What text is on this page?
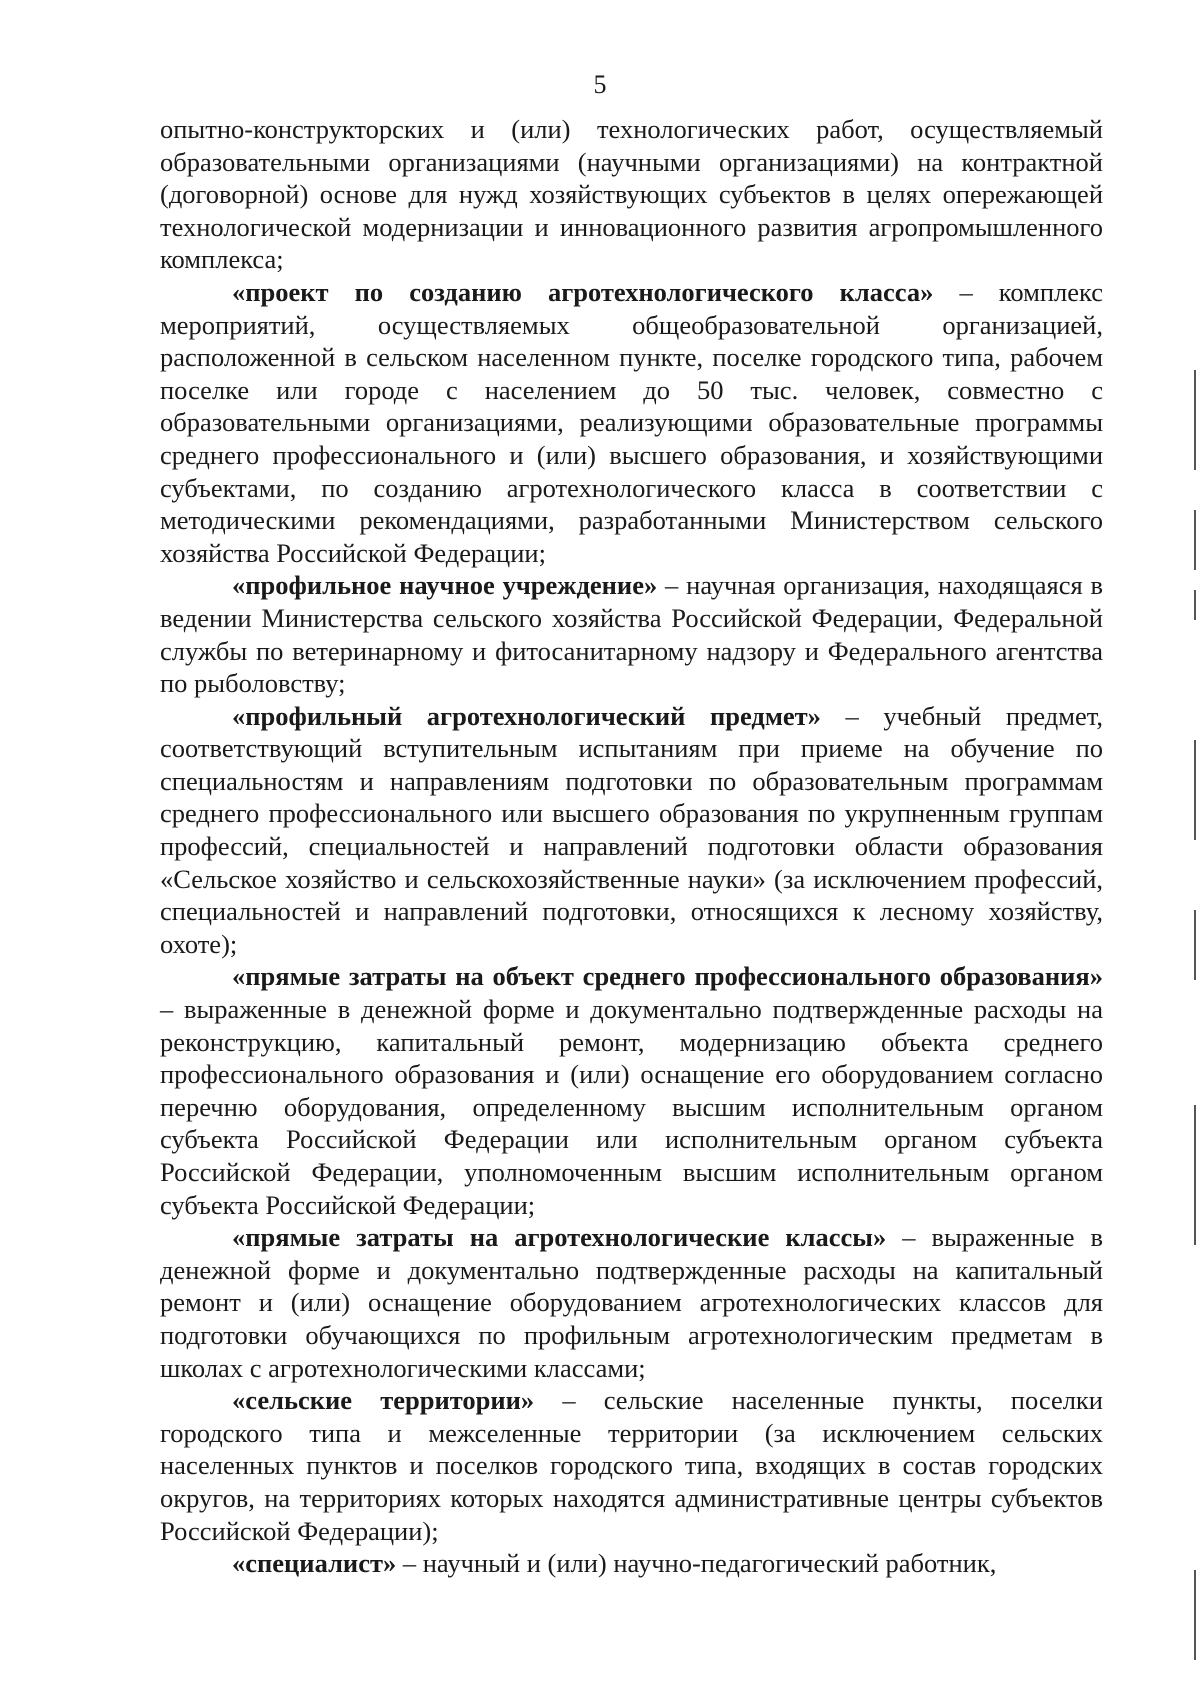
5

опытно-конструкторских и (или) технологических работ, осуществляемый образовательными организациями (научными организациями) на контрактной (договорной) основе для нужд хозяйствующих субъектов в целях опережающей технологической модернизации и инновационного развития агропромышленного комплекса;

«проект по созданию агротехнологического класса» – комплекс мероприятий, осуществляемых общеобразовательной организацией, расположенной в сельском населенном пункте, поселке городского типа, рабочем поселке или городе с населением до 50 тыс. человек, совместно с образовательными организациями, реализующими образовательные программы среднего профессионального и (или) высшего образования, и хозяйствующими субъектами, по созданию агротехнологического класса в соответствии с методическими рекомендациями, разработанными Министерством сельского хозяйства Российской Федерации;

«профильное научное учреждение» – научная организация, находящаяся в ведении Министерства сельского хозяйства Российской Федерации, Федеральной службы по ветеринарному и фитосанитарному надзору и Федерального агентства по рыболовству;

«профильный агротехнологический предмет» – учебный предмет, соответствующий вступительным испытаниям при приеме на обучение по специальностям и направлениям подготовки по образовательным программам среднего профессионального или высшего образования по укрупненным группам профессий, специальностей и направлений подготовки области образования «Сельское хозяйство и сельскохозяйственные науки» (за исключением профессий, специальностей и направлений подготовки, относящихся к лесному хозяйству, охоте);

«прямые затраты на объект среднего профессионального образования» – выраженные в денежной форме и документально подтвержденные расходы на реконструкцию, капитальный ремонт, модернизацию объекта среднего профессионального образования и (или) оснащение его оборудованием согласно перечню оборудования, определенному высшим исполнительным органом субъекта Российской Федерации или исполнительным органом субъекта Российской Федерации, уполномоченным высшим исполнительным органом субъекта Российской Федерации;

«прямые затраты на агротехнологические классы» – выраженные в денежной форме и документально подтвержденные расходы на капитальный ремонт и (или) оснащение оборудованием агротехнологических классов для подготовки обучающихся по профильным агротехнологическим предметам в школах с агротехнологическими классами;

«сельские территории» – сельские населенные пункты, поселки городского типа и межселенные территории (за исключением сельских населенных пунктов и поселков городского типа, входящих в состав городских округов, на территориях которых находятся административные центры субъектов Российской Федерации);

«специалист» – научный и (или) научно-педагогический работник,
